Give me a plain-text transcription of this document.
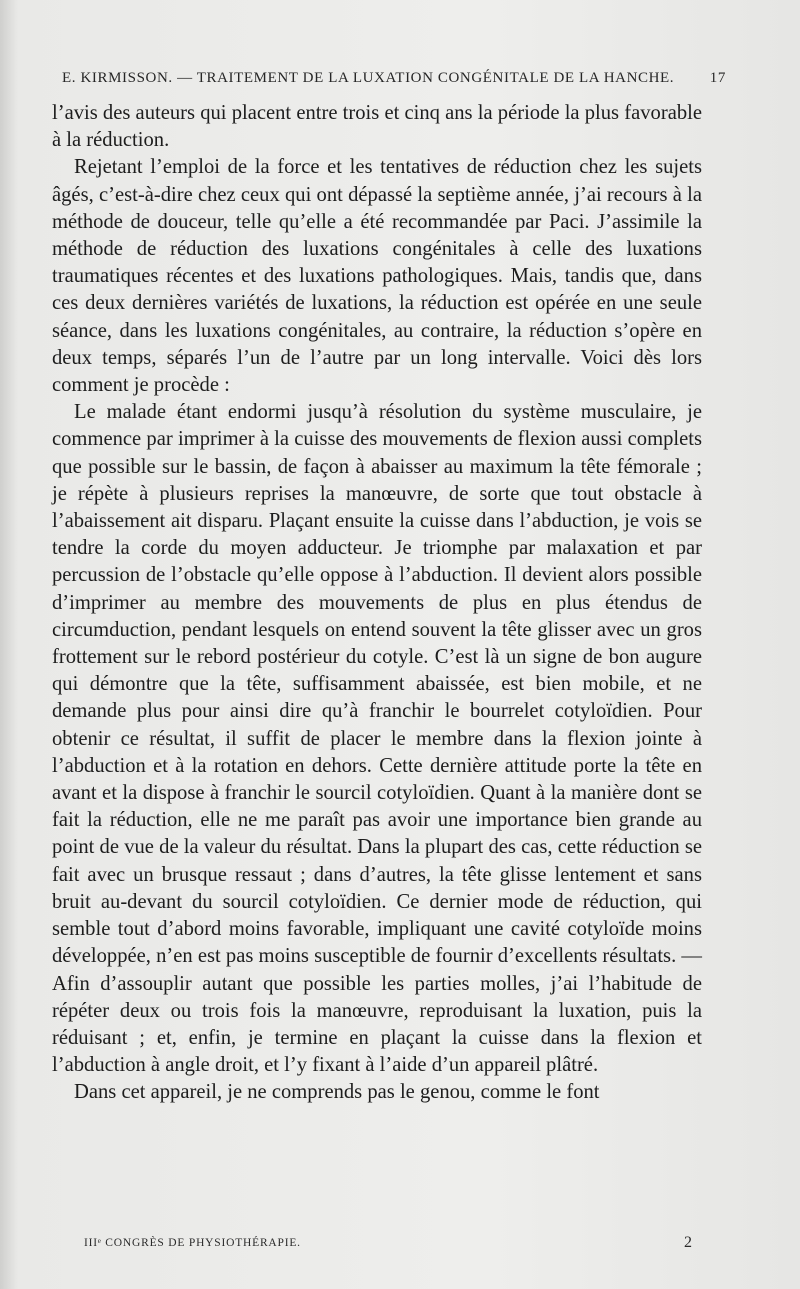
E. KIRMISSON. — TRAITEMENT DE LA LUXATION CONGÉNITALE DE LA HANCHE. 17

l’avis des auteurs qui placent entre trois et cinq ans la période la plus favorable à la réduction.

Rejetant l’emploi de la force et les tentatives de réduction chez les sujets âgés, c’est-à-dire chez ceux qui ont dépassé la septième année, j’ai recours à la méthode de douceur, telle qu’elle a été recommandée par Paci. J’assimile la méthode de réduction des luxations congénitales à celle des luxations traumatiques récentes et des luxations pathologiques. Mais, tandis que, dans ces deux dernières variétés de luxations, la réduction est opérée en une seule séance, dans les luxations congénitales, au contraire, la réduction s’opère en deux temps, séparés l’un de l’autre par un long intervalle. Voici dès lors comment je procède :

Le malade étant endormi jusqu’à résolution du système musculaire, je commence par imprimer à la cuisse des mouvements de flexion aussi complets que possible sur le bassin, de façon à abaisser au maximum la tête fémorale ; je répète à plusieurs reprises la manœuvre, de sorte que tout obstacle à l’abaissement ait disparu. Plaçant ensuite la cuisse dans l’abduction, je vois se tendre la corde du moyen adducteur. Je triomphe par malaxation et par percussion de l’obstacle qu’elle oppose à l’abduction. Il devient alors possible d’imprimer au membre des mouvements de plus en plus étendus de circumduction, pendant lesquels on entend souvent la tête glisser avec un gros frottement sur le rebord postérieur du cotyle. C’est là un signe de bon augure qui démontre que la tête, suffisamment abaissée, est bien mobile, et ne demande plus pour ainsi dire qu’à franchir le bourrelet cotyloïdien. Pour obtenir ce résultat, il suffit de placer le membre dans la flexion jointe à l’abduction et à la rotation en dehors. Cette dernière attitude porte la tête en avant et la dispose à franchir le sourcil cotyloïdien. Quant à la manière dont se fait la réduction, elle ne me paraît pas avoir une importance bien grande au point de vue de la valeur du résultat. Dans la plupart des cas, cette réduction se fait avec un brusque ressaut ; dans d’autres, la tête glisse lentement et sans bruit au-devant du sourcil cotyloïdien. Ce dernier mode de réduction, qui semble tout d’abord moins favorable, impliquant une cavité cotyloïde moins développée, n’en est pas moins susceptible de fournir d’excellents résultats. — Afin d’assouplir autant que possible les parties molles, j’ai l’habitude de répéter deux ou trois fois la manœuvre, reproduisant la luxation, puis la réduisant ; et, enfin, je termine en plaçant la cuisse dans la flexion et l’abduction à angle droit, et l’y fixant à l’aide d’un appareil plâtré.

Dans cet appareil, je ne comprends pas le genou, comme le font

IIIᵉ CONGRÈS DE PHYSIOTHÉRAPIE.	2
